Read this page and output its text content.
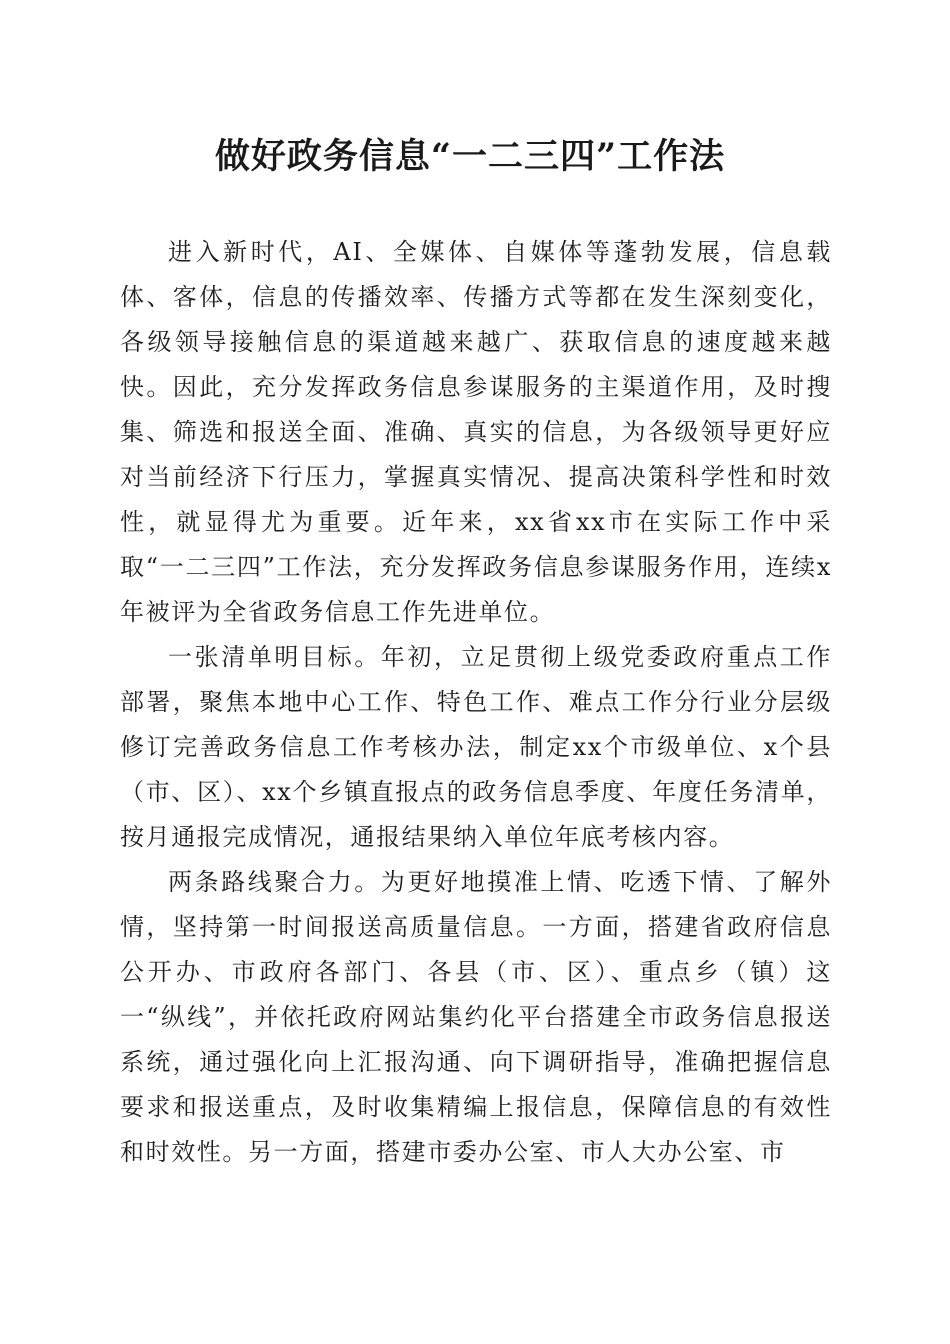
做好政务信息“一二三四”工作法

进入新时代，AI、全媒体、自媒体等蓬勃发展，信息载体、客体，信息的传播效率、传播方式等都在发生深刻变化，各级领导接触信息的渠道越来越广、获取信息的速度越来越快。因此，充分发挥政务信息参谋服务的主渠道作用，及时搜集、筛选和报送全面、准确、真实的信息，为各级领导更好应对当前经济下行压力，掌握真实情况、提高决策科学性和时效性，就显得尤为重要。近年来，xx省xx市在实际工作中采取“一二三四”工作法，充分发挥政务信息参谋服务作用，连续x年被评为全省政务信息工作先进单位。

一张清单明目标。年初，立足贯彻上级党委政府重点工作部署，聚焦本地中心工作、特色工作、难点工作分行业分层级修订完善政务信息工作考核办法，制定xx个市级单位、x个县（市、区）、xx个乡镇直报点的政务信息季度、年度任务清单，按月通报完成情况，通报结果纳入单位年底考核内容。

两条路线聚合力。为更好地摸准上情、吃透下情、了解外情，坚持第一时间报送高质量信息。一方面，搭建省政府信息公开办、市政府各部门、各县（市、区）、重点乡（镇）这一“纵线”，并依托政府网站集约化平台搭建全市政务信息报送系统，通过强化向上汇报沟通、向下调研指导，准确把握信息要求和报送重点，及时收集精编上报信息，保障信息的有效性和时效性。另一方面，搭建市委办公室、市人大办公室、市
